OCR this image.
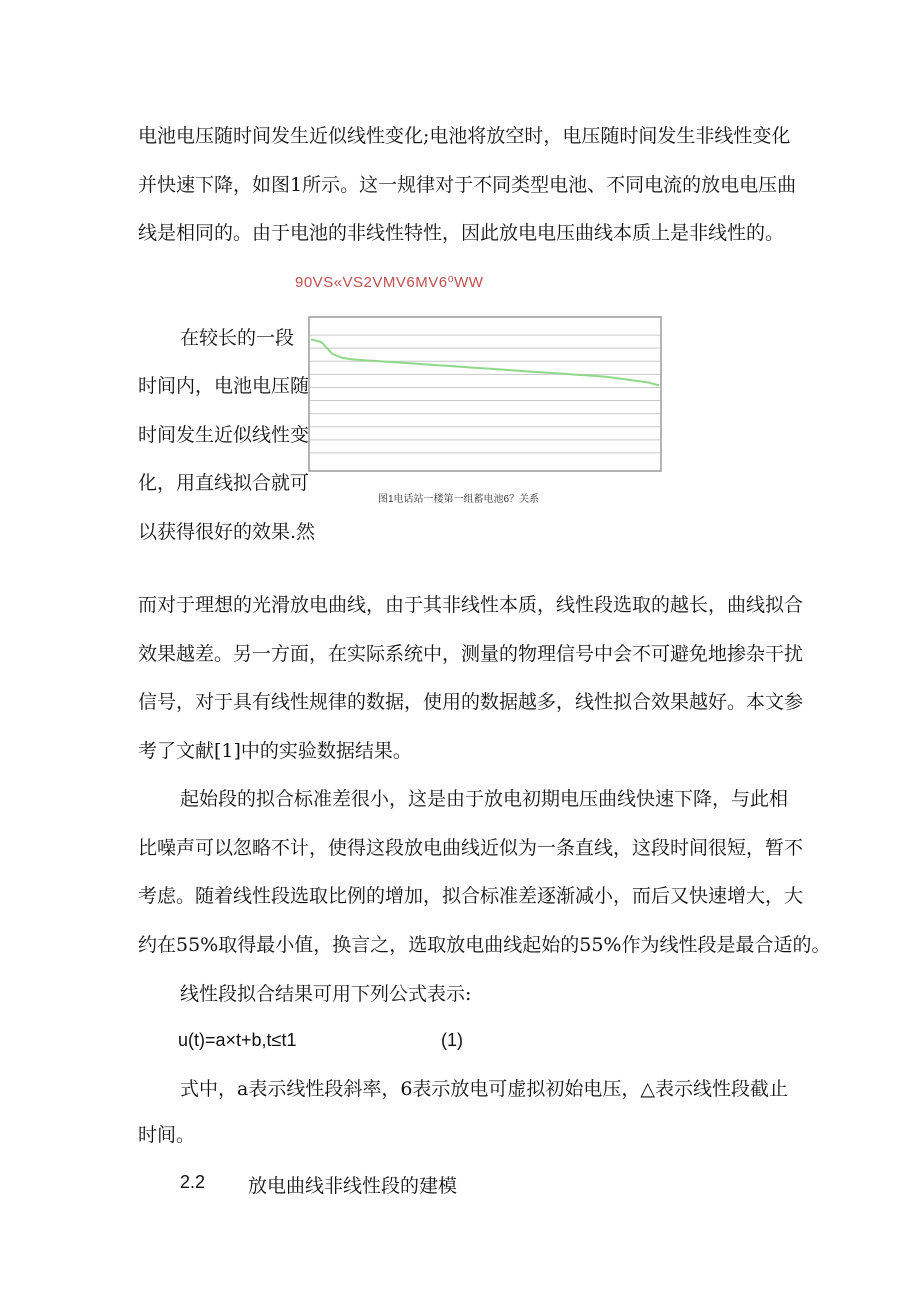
电池电压随时间发生近似线性变化;电池将放空时，电压随时间发生非线性变化
并快速下降，如图1所示。这一规律对于不同类型电池、不同电流的放电电压曲
线是相同的。由于电池的非线性特性，因此放电电压曲线本质上是非线性的。
90VS«VS2VMV6MV6⁰WW
在较长的一段
时间内，电池电压随
时间发生近似线性变
化，用直线拟合就可
以获得很好的效果.然
图1电话站一楼第一组蓄电池6？关系
而对于理想的光滑放电曲线，由于其非线性本质，线性段选取的越长，曲线拟合
效果越差。另一方面，在实际系统中，测量的物理信号中会不可避免地掺杂干扰
信号，对于具有线性规律的数据，使用的数据越多，线性拟合效果越好。本文参
考了文献[1]中的实验数据结果。
起始段的拟合标准差很小，这是由于放电初期电压曲线快速下降，与此相
比噪声可以忽略不计，使得这段放电曲线近似为一条直线，这段时间很短，暂不
考虑。随着线性段选取比例的增加，拟合标准差逐渐减小，而后又快速增大，大
约在55%取得最小值，换言之，选取放电曲线起始的55%作为线性段是最合适的。
线性段拟合结果可用下列公式表示:
u(t)=a×t+b,t≤t1	(1)
式中，a表示线性段斜率，6表示放电可虚拟初始电压，△表示线性段截止
时间。
2.2 放电曲线非线性段的建模
